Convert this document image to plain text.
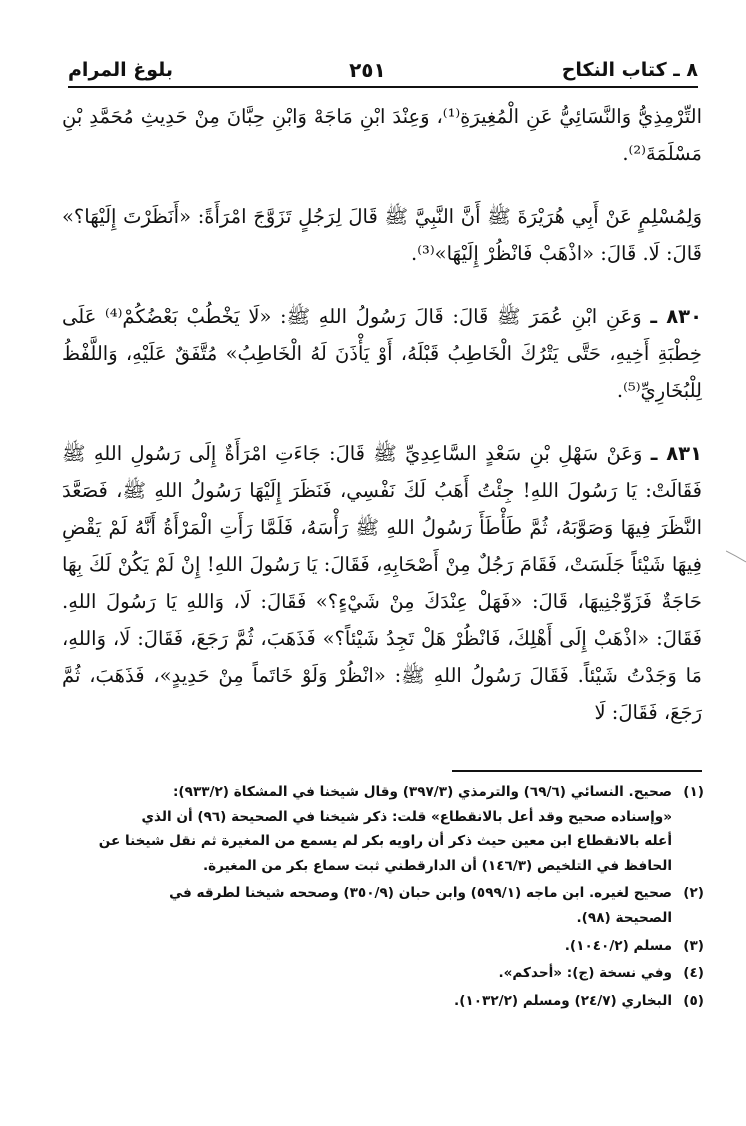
٨ ـ كتاب النكاح
٢٥١
بلوغ المرام

التِّرْمِذِيُّ وَالنَّسَائِيُّ عَنِ الْمُغِيرَةِ⁽¹⁾، وَعِنْدَ ابْنِ مَاجَهْ وَابْنِ حِبَّانَ مِنْ حَدِيثِ مُحَمَّدِ بْنِ مَسْلَمَةَ⁽²⁾.

وَلِمُسْلِمٍ عَنْ أَبِي هُرَيْرَةَ ﷺ أَنَّ النَّبِيَّ ﷺ قَالَ لِرَجُلٍ تَزَوَّجَ امْرَأَةً: «أَنَظَرْتَ إِلَيْهَا؟» قَالَ: لَا. قَالَ: «اذْهَبْ فَانْظُرْ إِلَيْهَا»⁽³⁾.

٨٣٠ ـ وَعَنِ ابْنِ عُمَرَ ﷺ قَالَ: قَالَ رَسُولُ اللهِ ﷺ: «لَا يَخْطُبْ بَعْضُكُمْ⁽⁴⁾ عَلَى خِطْبَةِ أَخِيهِ، حَتَّى يَتْرُكَ الْخَاطِبُ قَبْلَهُ، أَوْ يَأْذَنَ لَهُ الْخَاطِبُ» مُتَّفَقٌ عَلَيْهِ، وَاللَّفْظُ لِلْبُخَارِيِّ⁽⁵⁾.

٨٣١ ـ وَعَنْ سَهْلِ بْنِ سَعْدٍ السَّاعِدِيِّ ﷺ قَالَ: جَاءَتِ امْرَأَةٌ إِلَى رَسُولِ اللهِ ﷺ فَقَالَتْ: يَا رَسُولَ اللهِ! جِئْتُ أَهَبُ لَكَ نَفْسِي، فَنَظَرَ إِلَيْهَا رَسُولُ اللهِ ﷺ، فَصَعَّدَ النَّظَرَ فِيهَا وَصَوَّبَهُ، ثُمَّ طَأْطَأَ رَسُولُ اللهِ ﷺ رَأْسَهُ، فَلَمَّا رَأَتِ الْمَرْأَةُ أَنَّهُ لَمْ يَقْضِ فِيهَا شَيْئاً جَلَسَتْ، فَقَامَ رَجُلٌ مِنْ أَصْحَابِهِ، فَقَالَ: يَا رَسُولَ اللهِ! إِنْ لَمْ يَكُنْ لَكَ بِهَا حَاجَةٌ فَزَوِّجْنِيهَا، قَالَ: «فَهَلْ عِنْدَكَ مِنْ شَيْءٍ؟» فَقَالَ: لَا، وَاللهِ يَا رَسُولَ اللهِ. فَقَالَ: «اذْهَبْ إِلَى أَهْلِكَ، فَانْظُرْ هَلْ تَجِدُ شَيْئاً؟» فَذَهَبَ، ثُمَّ رَجَعَ، فَقَالَ: لَا، وَاللهِ، مَا وَجَدْتُ شَيْئاً. فَقَالَ رَسُولُ اللهِ ﷺ: «انْظُرْ وَلَوْ خَاتَماً مِنْ حَدِيدٍ»، فَذَهَبَ، ثُمَّ رَجَعَ، فَقَالَ: لَا

(١)
صحيح. النسائي (٦٩/٦) والترمذي (٣٩٧/٣) وقال شيخنا في المشكاة (٩٣٣/٢):
«وإسناده صحيح وقد أعل بالانقطاع» قلت: ذكر شيخنا في الصحيحة (٩٦) أن الذي
أعله بالانقطاع ابن معين حيث ذكر أن راويه بكر لم يسمع من المغيرة ثم نقل شيخنا عن
الحافظ في التلخيص (١٤٦/٣) أن الدارقطني ثبت سماع بكر من المغيرة.
(٢)
صحيح لغيره. ابن ماجه (٥٩٩/١) وابن حبان (٣٥٠/٩) وصححه شيخنا لطرقه في
الصحيحة (٩٨).
(٣)
مسلم (١٠٤٠/٢).
(٤)
وفي نسخة (ج): «أحدكم».
(٥)
البخاري (٢٤/٧) ومسلم (١٠٣٢/٢).
